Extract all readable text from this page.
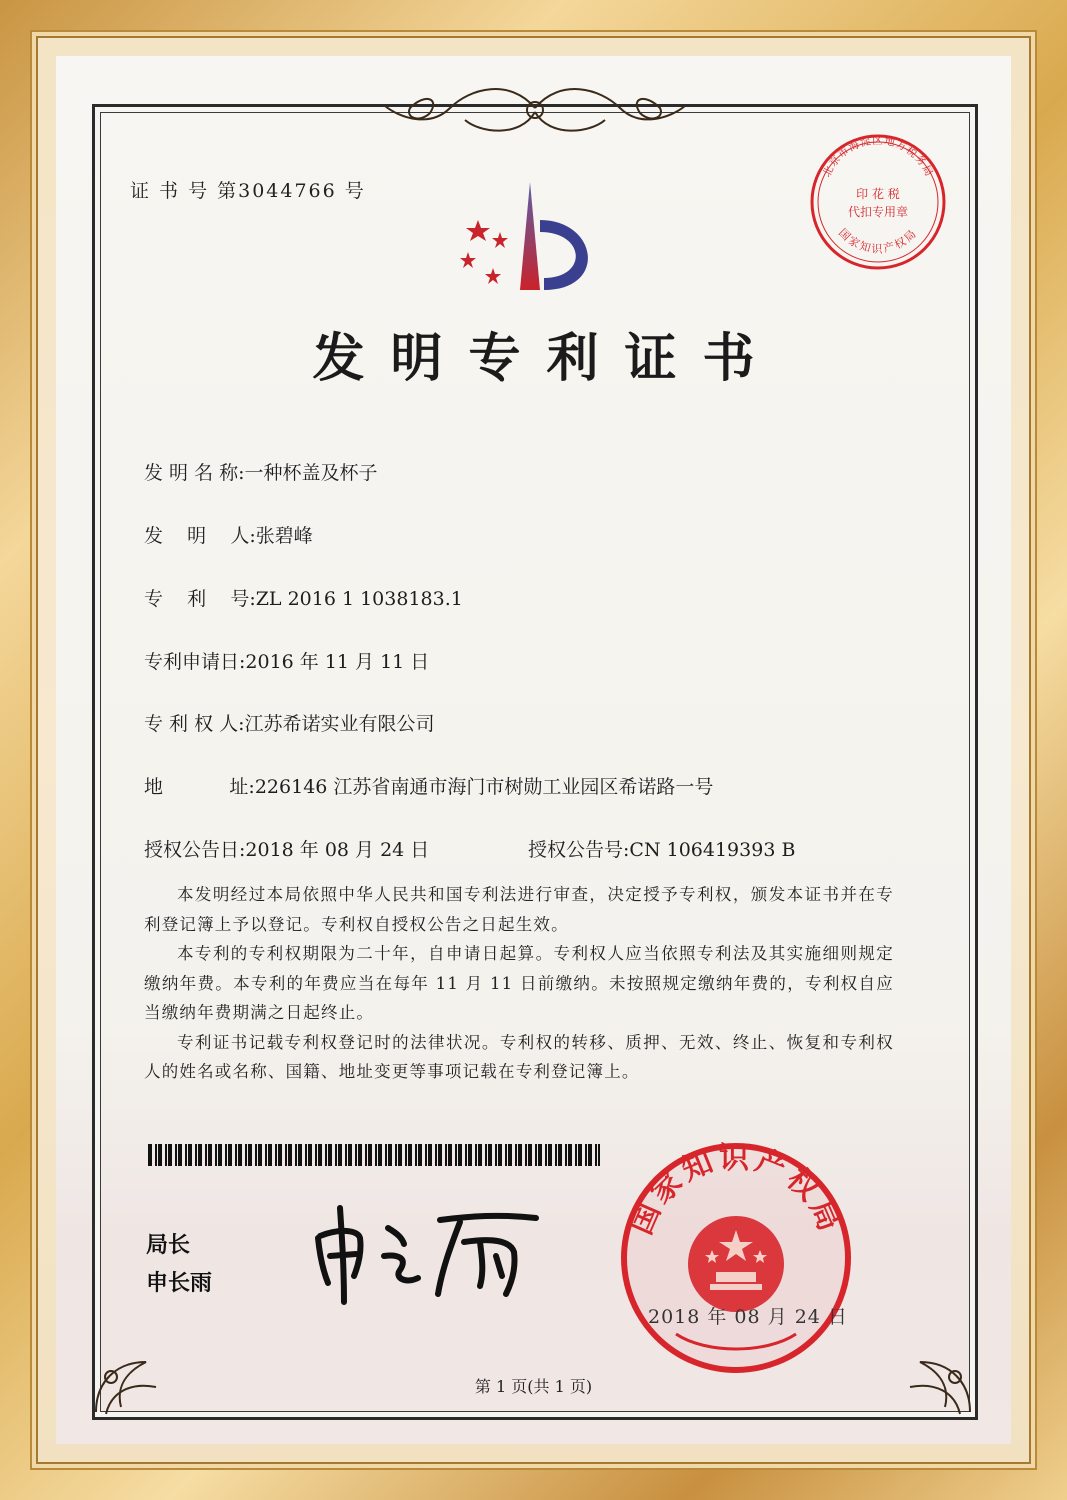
证 书 号 第3044766 号
北京市海淀区地方税务局
印 花 税
代扣专用章
国家知识产权局
发明专利证书
发 明 名 称:一种杯盖及杯子
发    明    人:张碧峰
专    利    号:ZL 2016 1 1038183.1
专利申请日:2016 年 11 月 11 日
专 利 权 人:江苏希诺实业有限公司
地           址:226146 江苏省南通市海门市树勋工业园区希诺路一号
授权公告日:2018 年 08 月 24 日	授权公告号:CN 106419393 B

本发明经过本局依照中华人民共和国专利法进行审查，决定授予专利权，颁发本证书并在专利登记簿上予以登记。专利权自授权公告之日起生效。

本专利的专利权期限为二十年，自申请日起算。专利权人应当依照专利法及其实施细则规定缴纳年费。本专利的年费应当在每年 11 月 11 日前缴纳。未按照规定缴纳年费的，专利权自应当缴纳年费期满之日起终止。

专利证书记载专利权登记时的法律状况。专利权的转移、质押、无效、终止、恢复和专利权人的姓名或名称、国籍、地址变更等事项记载在专利登记簿上。

局长
申长雨
国家知识产权局
2018 年 08 月 24 日
第 1 页(共 1 页)
